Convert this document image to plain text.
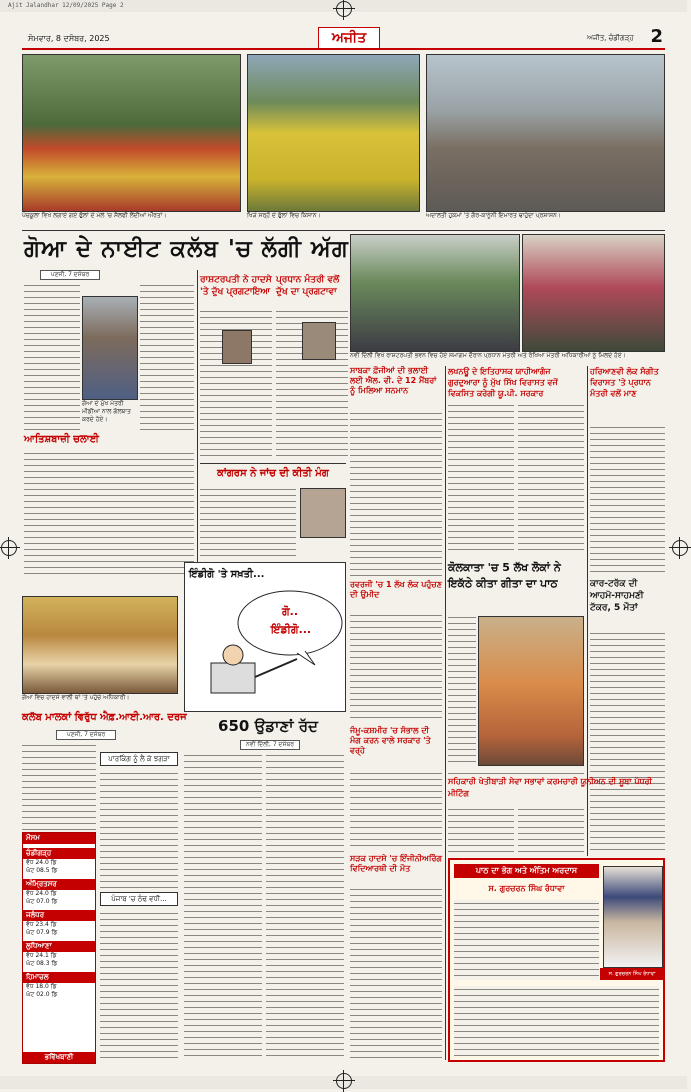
Ajit Jalandhar 12/09/2025 Page 2
ਸੋਮਵਾਰ, 8 ਦਸੰਬਰ, 2025	ਅਜੀਤ	ਅਜੀਤ, ਚੰਡੀਗੜ੍ਹ 2
ਪੰਚਕੂਲਾ ਵਿਖੇ ਲਗਾਏ ਗਏ ਫੁੱਲਾਂ ਦੇ ਮੇਲੇ 'ਚ ਸੈਲਫੀ ਲੈਂਦੀਆਂ ਔਰਤਾਂ।	ਖਿੜੇ ਸਰ੍ਹੋਂ ਦੇ ਫੁੱਲਾਂ ਵਿਚ ਕਿਸਾਨ।	ਅਦਾਲਤੀ ਹੁਕਮਾਂ 'ਤੇ ਗੈਰ-ਕਾਨੂੰਨੀ ਇਮਾਰਤ ਢਾਹੁੰਦਾ ਪ੍ਰਸ਼ਾਸਨ।
ਗੋਆ ਦੇ ਨਾਈਟ ਕਲੱਬ 'ਚ ਲੱਗੀ ਅੱਗ
ਪਣਜੀ, 7 ਦਸੰਬਰ
ਗੋਆ ਦੇ ਮੁੱਖ ਮੰਤਰੀ ਮੀਡੀਆ ਨਾਲ ਗੱਲਬਾਤ ਕਰਦੇ ਹੋਏ।
ਆਤਿਸ਼ਬਾਜ਼ੀ ਚਲਾਈ
ਰਾਸ਼ਟਰਪਤੀ ਨੇ ਹਾਦਸੇ 'ਤੇ ਦੁੱਖ ਪ੍ਰਗਟਾਇਆ
ਪ੍ਰਧਾਨ ਮੰਤਰੀ ਵਲੋਂ ਦੁੱਖ ਦਾ ਪ੍ਰਗਟਾਵਾ
ਕਾਂਗਰਸ ਨੇ ਜਾਂਚ ਦੀ ਕੀਤੀ ਮੰਗ
ਇੰਡੀਗੋ 'ਤੇ ਸਖ਼ਤੀ...
ਗੋ..
ਇੰਡੀਗੋ...
650 ਉਡਾਣਾਂ ਰੱਦ
ਨਵੀਂ ਦਿੱਲੀ, 7 ਦਸੰਬਰ
ਗੋਆ ਵਿਚ ਹਾਦਸੇ ਵਾਲੀ ਥਾਂ 'ਤੇ ਪਹੁੰਚੇ ਅਧਿਕਾਰੀ।
ਕਲੱਬ ਮਾਲਕਾਂ ਵਿਰੁੱਧ ਐਫ਼.ਆਈ.ਆਰ. ਦਰਜ
ਪਣਜੀ, 7 ਦਸੰਬਰ
ਪਾਰਕਿੰਗ ਨੂੰ ਲੈ ਕੇ ਝਗੜਾ
ਪੰਜਾਬ 'ਚ ਠੰਢ ਵਧੀ...
ਮੌਸਮ
ਚੰਡੀਗੜ੍ਹ
ਵੱਧ 24.0 ਡਿ
ਘੱਟ 08.5 ਡਿ
ਅੰਮ੍ਰਿਤਸਰ
ਵੱਧ 24.0 ਡਿ
ਘੱਟ 07.0 ਡਿ
ਜਲੰਧਰ
ਵੱਧ 23.4 ਡਿ
ਘੱਟ 07.9 ਡਿ
ਲੁਧਿਆਣਾ
ਵੱਧ 24.1 ਡਿ
ਘੱਟ 08.3 ਡਿ
ਹਿਮਾਚਲ
ਵੱਧ 18.0 ਡਿ
ਘੱਟ 02.0 ਡਿ
ਭਵਿੱਖਬਾਣੀ
ਨਵੀਂ ਦਿੱਲੀ ਵਿਖੇ ਰਾਸ਼ਟਰਪਤੀ ਭਵਨ ਵਿਚ ਹੋਏ ਸਮਾਗਮ ਦੌਰਾਨ ਪ੍ਰਧਾਨ ਮੰਤਰੀ ਅਤੇ ਰੱਖਿਆ ਮੰਤਰੀ ਅਧਿਕਾਰੀਆਂ ਨੂੰ ਮਿਲਦੇ ਹੋਏ।
ਸਾਬਕਾ ਫ਼ੌਜੀਆਂ ਦੀ ਭਲਾਈ ਲਈ ਐਲ. ਵੀ. ਦੇ 12 ਮੈਂਬਰਾਂ ਨੂੰ ਮਿਲਿਆ ਸਨਮਾਨ
ਰਵਰਜੀ 'ਚ 1 ਲੱਖ ਲੋਕ ਪਹੁੰਚਣ ਦੀ ਉਮੀਦ
ਜੰਮੂ-ਕਸ਼ਮੀਰ 'ਚ ਸੰਭਾਲ ਦੀ ਮੰਗ ਕਰਨ ਵਾਲੇ ਸਰਕਾਰ 'ਤੇ ਵਰ੍ਹੇ
ਸੜਕ ਹਾਦਸੇ 'ਚ ਇੰਜੀਨੀਅਰਿੰਗ ਵਿਦਿਆਰਥੀ ਦੀ ਮੌਤ
ਲਖਨਊ ਦੇ ਇਤਿਹਾਸਕ ਯਾਹੀਆਗੰਜ ਗੁਰਦੁਆਰਾ ਨੂੰ ਮੁੱਖ ਸਿੱਖ ਵਿਰਾਸਤ ਵਜੋਂ ਵਿਕਸਿਤ ਕਰੇਗੀ ਯੂ.ਪੀ. ਸਰਕਾਰ
ਹਰਿਆਣਵੀ ਲੋਕ ਸੰਗੀਤ ਵਿਰਾਸਤ 'ਤੇ ਪ੍ਰਧਾਨ ਮੰਤਰੀ ਵਲੋਂ ਮਾਣ
ਕਾਰ-ਟਰੱਕ ਦੀ ਆਹਮੋ-ਸਾਹਮਣੀ ਟੱਕਰ, 5 ਮੌਤਾਂ
ਕੋਲਕਾਤਾ 'ਚ 5 ਲੱਖ ਲੋਕਾਂ ਨੇ ਇਕੱਠੇ ਕੀਤਾ ਗੀਤਾ ਦਾ ਪਾਠ
ਸਹਿਕਾਰੀ ਖੇਤੀਬਾੜੀ ਸੇਵਾ ਸਭਾਵਾਂ ਕਰਮਚਾਰੀ ਯੂਨੀਅਨ ਦੀ ਸੂਬਾ ਪੱਧਰੀ ਮੀਟਿੰਗ
ਪਾਠ ਦਾ ਭੋਗ ਅਤੇ ਅੰਤਿਮ ਅਰਦਾਸ
ਸ. ਗੁਰਚਰਨ ਸਿੰਘ ਰੰਧਾਵਾ
ਸ. ਗੁਰਚਰਨ ਸਿੰਘ ਰੰਧਾਵਾ
